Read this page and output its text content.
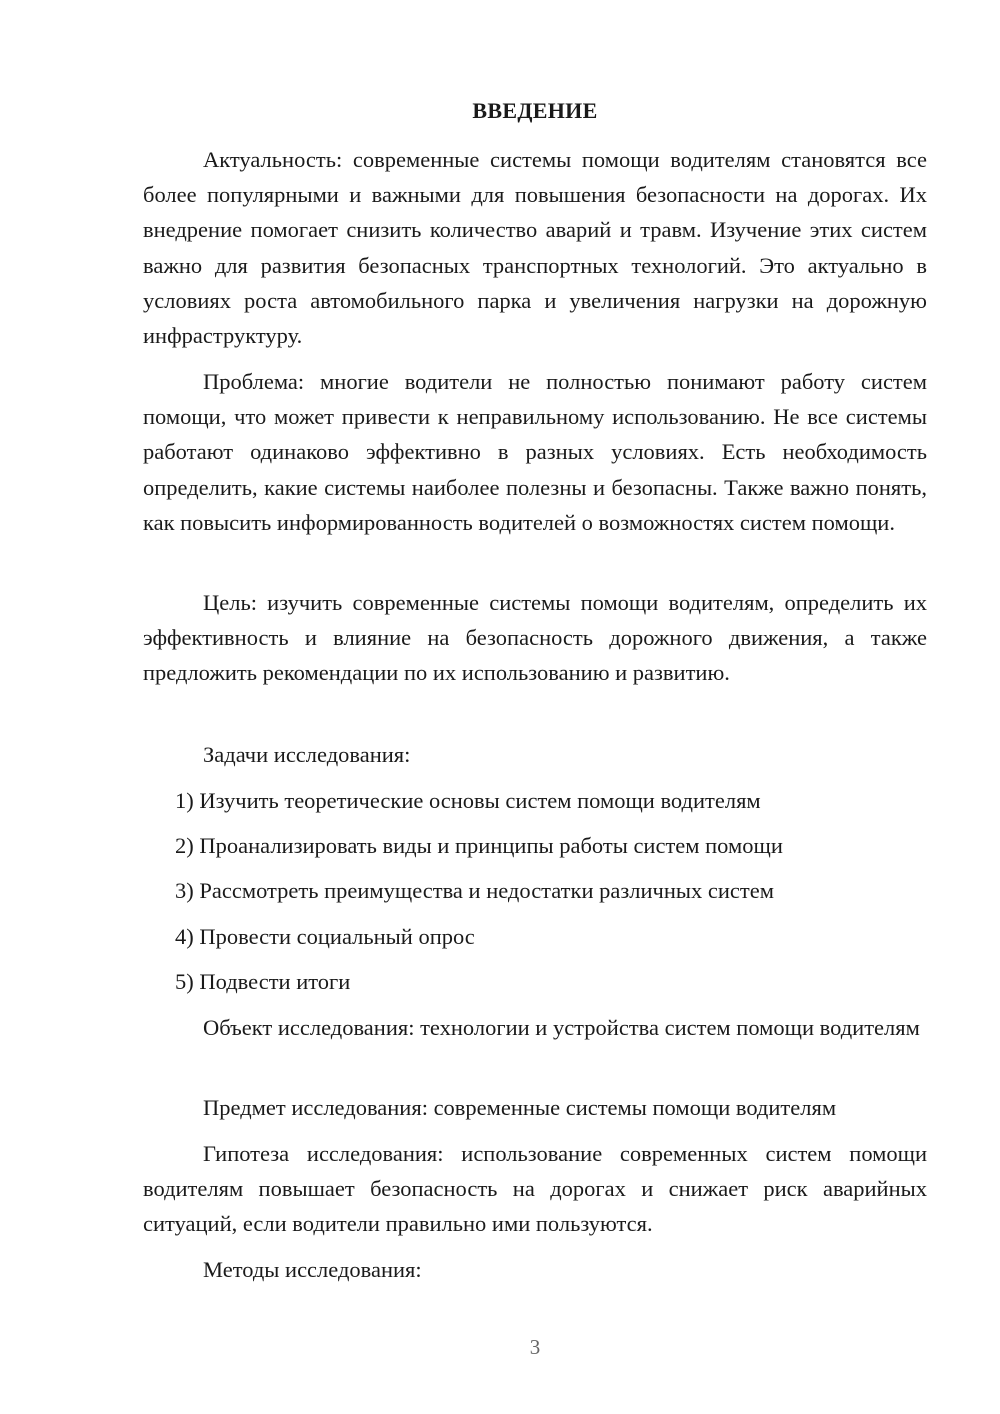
ВВЕДЕНИЕ

Актуальность: современные системы помощи водителям становятся все более популярными и важными для повышения безопасности на дорогах. Их внедрение помогает снизить количество аварий и травм. Изучение этих систем важно для развития безопасных транспортных технологий. Это актуально в условиях роста автомобильного парка и увеличения нагрузки на дорожную инфраструктуру.

Проблема: многие водители не полностью понимают работу систем помощи, что может привести к неправильному использованию. Не все системы работают одинаково эффективно в разных условиях. Есть необходимость определить, какие системы наиболее полезны и безопасны. Также важно понять, как повысить информированность водителей о возможностях систем помощи.

Цель: изучить современные системы помощи водителям, определить их эффективность и влияние на безопасность дорожного движения, а также предложить рекомендации по их использованию и развитию.

Задачи исследования:

1) Изучить теоретические основы систем помощи водителям

2) Проанализировать виды и принципы работы систем помощи

3) Рассмотреть преимущества и недостатки различных систем

4) Провести социальный опрос

5) Подвести итоги

Объект исследования: технологии и устройства систем помощи водителям

Предмет исследования: современные системы помощи водителям

Гипотеза исследования: использование современных систем помощи водителям повышает безопасность на дорогах и снижает риск аварийных ситуаций, если водители правильно ими пользуются.

Методы исследования:

3
